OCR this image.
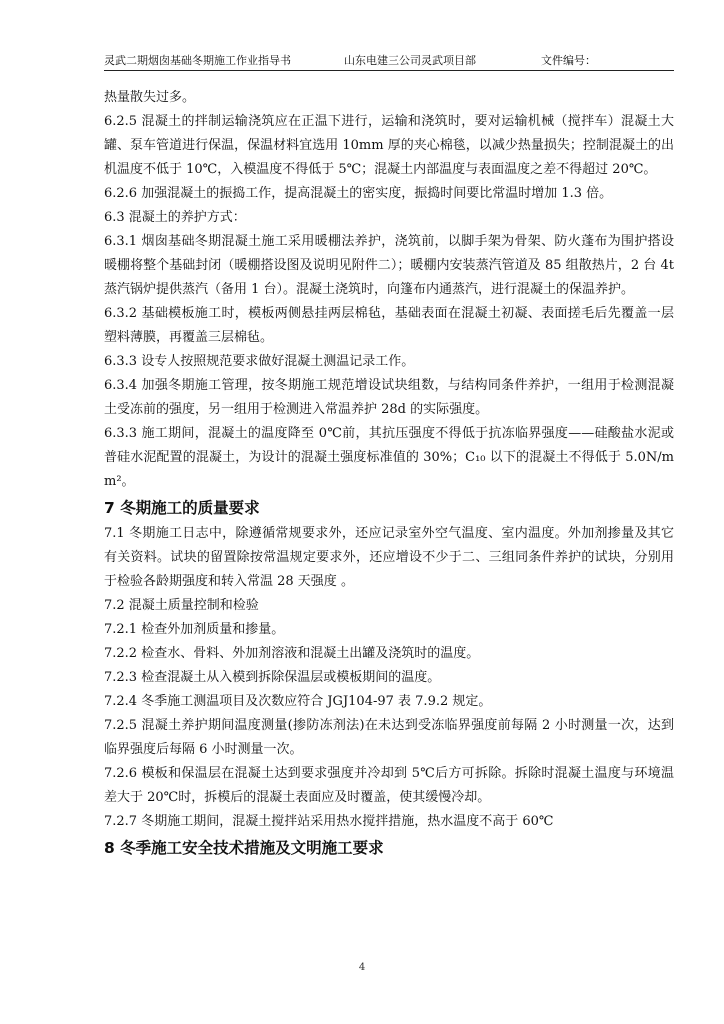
灵武二期烟囱基础冬期施工作业指导书	山东电建三公司灵武项目部	文件编号：

热量散失过多。

6.2.5 混凝土的拌制运输浇筑应在正温下进行，运输和浇筑时，要对运输机械（搅拌车）混凝土大罐、泵车管道进行保温，保温材料宜选用 10mm 厚的夹心棉毯，以减少热量损失；控制混凝土的出机温度不低于 10℃，入模温度不得低于 5℃；混凝土内部温度与表面温度之差不得超过 20℃。

6.2.6 加强混凝土的振捣工作，提高混凝土的密实度，振捣时间要比常温时增加 1.3 倍。

6.3 混凝土的养护方式：

6.3.1 烟囱基础冬期混凝土施工采用暖棚法养护，浇筑前，以脚手架为骨架、防火蓬布为围护搭设暖棚将整个基础封闭（暖棚搭设图及说明见附件二）；暖棚内安装蒸汽管道及 85 组散热片，2 台 4t 蒸汽锅炉提供蒸汽（备用 1 台）。混凝土浇筑时，向篷布内通蒸汽，进行混凝土的保温养护。

6.3.2 基础模板施工时，模板两侧悬挂两层棉毡，基础表面在混凝土初凝、表面搓毛后先覆盖一层塑料薄膜，再覆盖三层棉毡。

6.3.3 设专人按照规范要求做好混凝土测温记录工作。

6.3.4 加强冬期施工管理，按冬期施工规范增设试块组数，与结构同条件养护，一组用于检测混凝土受冻前的强度，另一组用于检测进入常温养护 28d 的实际强度。

6.3.3 施工期间，混凝土的温度降至 0℃前，其抗压强度不得低于抗冻临界强度——硅酸盐水泥或普硅水泥配置的混凝土，为设计的混凝土强度标准值的 30%；C₁₀ 以下的混凝土不得低于 5.0N/mm²。

7 冬期施工的质量要求

7.1 冬期施工日志中，除遵循常规要求外，还应记录室外空气温度、室内温度。外加剂掺量及其它有关资料。试块的留置除按常温规定要求外，还应增设不少于二、三组同条件养护的试块，分别用于检验各龄期强度和转入常温 28 天强度 。

7.2 混凝土质量控制和检验

7.2.1 检查外加剂质量和掺量。

7.2.2 检查水、骨料、外加剂溶液和混凝土出罐及浇筑时的温度。

7.2.3 检查混凝土从入模到拆除保温层或模板期间的温度。

7.2.4 冬季施工测温项目及次数应符合 JGJ104-97 表 7.9.2 规定。

7.2.5 混凝土养护期间温度测量(掺防冻剂法)在未达到受冻临界强度前每隔 2 小时测量一次，达到临界强度后每隔 6 小时测量一次。

7.2.6 模板和保温层在混凝土达到要求强度并冷却到 5℃后方可拆除。拆除时混凝土温度与环境温差大于 20℃时，拆模后的混凝土表面应及时覆盖，使其缓慢冷却。

7.2.7 冬期施工期间，混凝土搅拌站采用热水搅拌措施，热水温度不高于 60℃

8 冬季施工安全技术措施及文明施工要求

4
